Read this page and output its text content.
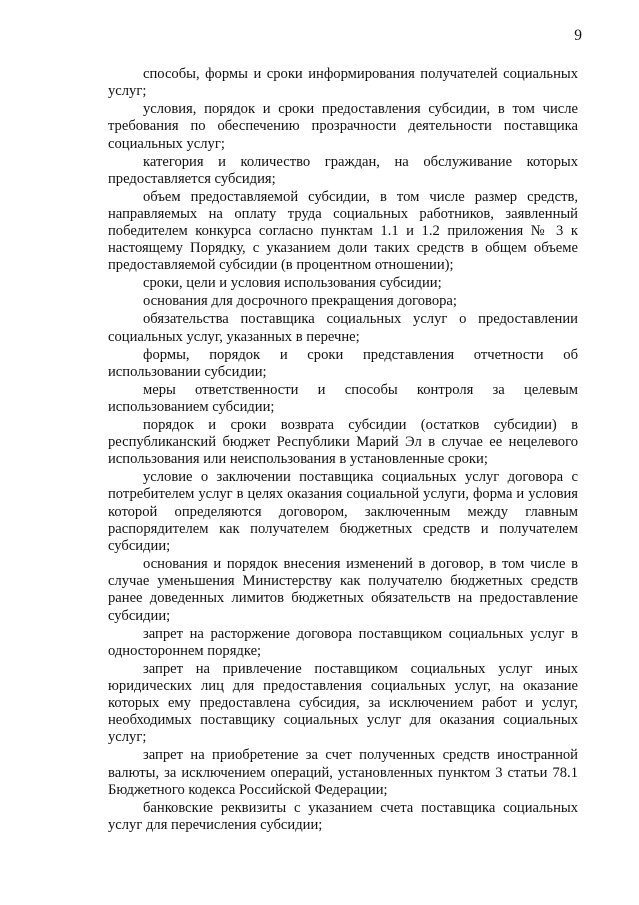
9

способы, формы и сроки информирования получателей социальных услуг;

условия, порядок и сроки предоставления субсидии, в том числе требования по обеспечению прозрачности деятельности поставщика социальных услуг;

категория и количество граждан, на обслуживание которых предоставляется субсидия;

объем предоставляемой субсидии, в том числе размер средств, направляемых на оплату труда социальных работников, заявленный победителем конкурса согласно пунктам 1.1 и 1.2 приложения № 3 к настоящему Порядку, с указанием доли таких средств в общем объеме предоставляемой субсидии (в процентном отношении);

сроки, цели и условия использования субсидии;

основания для досрочного прекращения договора;

обязательства поставщика социальных услуг о предоставлении социальных услуг, указанных в перечне;

формы, порядок и сроки представления отчетности об использовании субсидии;

меры ответственности и способы контроля за целевым использованием субсидии;

порядок и сроки возврата субсидии (остатков субсидии) в республиканский бюджет Республики Марий Эл в случае ее нецелевого использования или неиспользования в установленные сроки;

условие о заключении поставщика социальных услуг договора с потребителем услуг в целях оказания социальной услуги, форма и условия которой определяются договором, заключенным между главным распорядителем как получателем бюджетных средств и получателем субсидии;

основания и порядок внесения изменений в договор, в том числе в случае уменьшения Министерству как получателю бюджетных средств ранее доведенных лимитов бюджетных обязательств на предоставление субсидии;

запрет на расторжение договора поставщиком социальных услуг в одностороннем порядке;

запрет на привлечение поставщиком социальных услуг иных юридических лиц для предоставления социальных услуг, на оказание которых ему предоставлена субсидия, за исключением работ и услуг, необходимых поставщику социальных услуг для оказания социальных услуг;

запрет на приобретение за счет полученных средств иностранной валюты, за исключением операций, установленных пунктом 3 статьи 78.1 Бюджетного кодекса Российской Федерации;

банковские реквизиты с указанием счета поставщика социальных услуг для перечисления субсидии;
